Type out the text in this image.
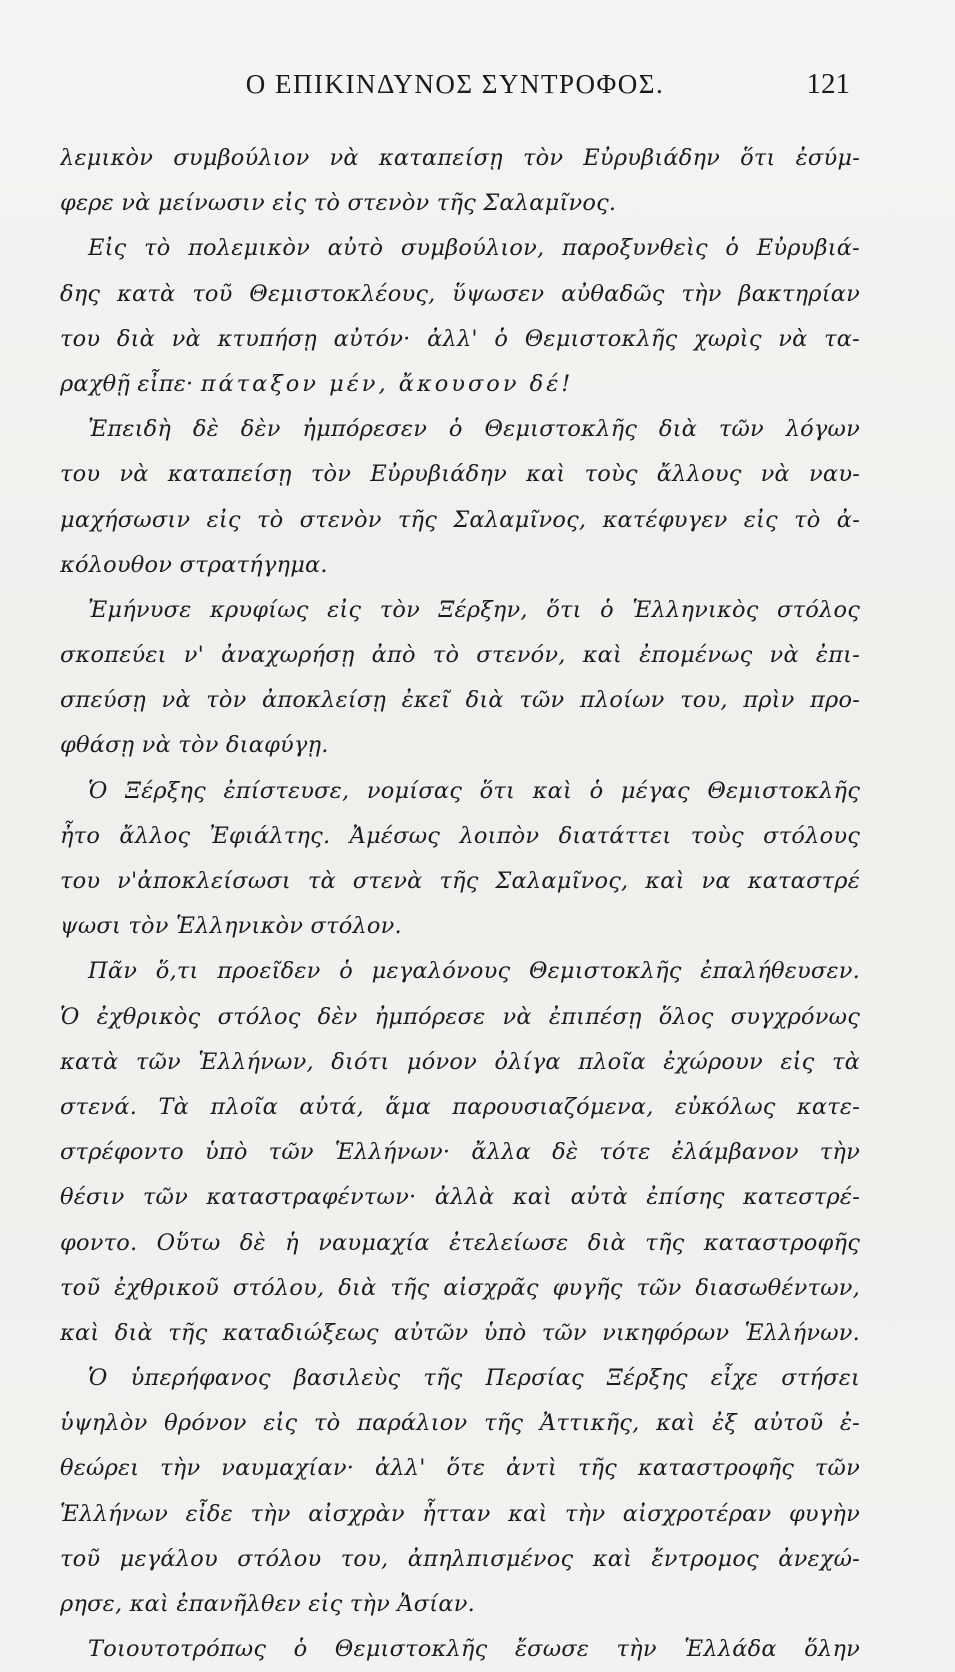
Ο ΕΠΙΚΙΝΔΥΝΟΣ ΣΥΝΤΡΟΦΟΣ.	121
λεμικὸν συμβούλιον νὰ καταπείσῃ τὸν Εὐρυβιάδην ὅτι ἐσύμ-
φερε νὰ μείνωσιν εἰς τὸ στενὸν τῆς Σαλαμῖνος.
Εἰς τὸ πολεμικὸν αὐτὸ συμβούλιον, παροξυνθεὶς ὁ Εὐρυβιά-
δης κατὰ τοῦ Θεμιστοκλέους, ὕψωσεν αὐθαδῶς τὴν βακτηρίαν
του διὰ νὰ κτυπήσῃ αὐτόν· ἀλλ' ὁ Θεμιστοκλῆς χωρὶς νὰ τα-
ραχθῇ εἶπε· πάταξον μέν, ἄκουσον δέ!
Ἐπειδὴ δὲ δὲν ἠμπόρεσεν ὁ Θεμιστοκλῆς διὰ τῶν λόγων
του νὰ καταπείσῃ τὸν Εὐρυβιάδην καὶ τοὺς ἄλλους νὰ ναυ-
μαχήσωσιν εἰς τὸ στενὸν τῆς Σαλαμῖνος, κατέφυγεν εἰς τὸ ἀ-
κόλουθον στρατήγημα.
Ἐμήνυσε κρυφίως εἰς τὸν Ξέρξην, ὅτι ὁ Ἑλληνικὸς στόλος
σκοπεύει ν' ἀναχωρήσῃ ἀπὸ τὸ στενόν, καὶ ἐπομένως νὰ ἐπι-
σπεύσῃ νὰ τὸν ἀποκλείσῃ ἐκεῖ διὰ τῶν πλοίων του, πρὶν προ-
φθάσῃ νὰ τὸν διαφύγῃ.
Ὁ Ξέρξης ἐπίστευσε, νομίσας ὅτι καὶ ὁ μέγας Θεμιστοκλῆς
ἦτο ἄλλος Ἐφιάλτης. Ἀμέσως λοιπὸν διατάττει τοὺς στόλους
του ν'ἀποκλείσωσι τὰ στενὰ τῆς Σαλαμῖνος, καὶ να καταστρέ
ψωσι τὸν Ἑλληνικὸν στόλον.
Πᾶν ὅ,τι προεῖδεν ὁ μεγαλόνους Θεμιστοκλῆς ἐπαλήθευσεν.
Ὁ ἐχθρικὸς στόλος δὲν ἠμπόρεσε νὰ ἐπιπέσῃ ὅλος συγχρόνως
κατὰ τῶν Ἑλλήνων, διότι μόνον ὀλίγα πλοῖα ἐχώρουν εἰς τὰ
στενά. Τὰ πλοῖα αὐτά, ἅμα παρουσιαζόμενα, εὐκόλως κατε-
στρέφοντο ὑπὸ τῶν Ἑλλήνων· ἄλλα δὲ τότε ἐλάμβανον τὴν
θέσιν τῶν καταστραφέντων· ἀλλὰ καὶ αὐτὰ ἐπίσης κατεστρέ-
φοντο. Οὕτω δὲ ἡ ναυμαχία ἐτελείωσε διὰ τῆς καταστροφῆς
τοῦ ἐχθρικοῦ στόλου, διὰ τῆς αἰσχρᾶς φυγῆς τῶν διασωθέντων,
καὶ διὰ τῆς καταδιώξεως αὐτῶν ὑπὸ τῶν νικηφόρων Ἑλλήνων.
Ὁ ὑπερήφανος βασιλεὺς τῆς Περσίας Ξέρξης εἶχε στήσει
ὑψηλὸν θρόνον εἰς τὸ παράλιον τῆς Ἀττικῆς, καὶ ἐξ αὐτοῦ ἐ-
θεώρει τὴν ναυμαχίαν· ἀλλ' ὅτε ἀντὶ τῆς καταστροφῆς τῶν
Ἑλλήνων εἶδε τὴν αἰσχρὰν ἧτταν καὶ τὴν αἰσχροτέραν φυγὴν
τοῦ μεγάλου στόλου του, ἀπηλπισμένος καὶ ἔντρομος ἀνεχώ-
ρησε, καὶ ἐπανῆλθεν εἰς τὴν Ἀσίαν.
Τοιουτοτρόπως ὁ Θεμιστοκλῆς ἔσωσε τὴν Ἑλλάδα ὅλην
